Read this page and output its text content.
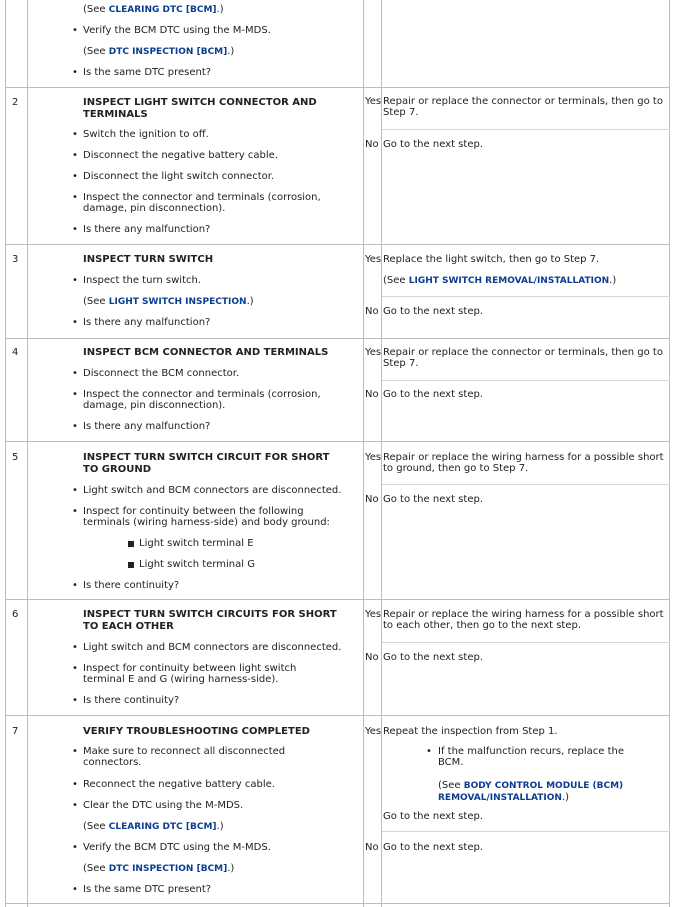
(See CLEARING DTC [BCM].)
• Verify the BCM DTC using the M-MDS.
(See DTC INSPECTION [BCM].)
• Is the same DTC present?
2	INSPECT LIGHT SWITCH CONNECTOR AND TERMINALS
• Switch the ignition to off.
• Disconnect the negative battery cable.
• Disconnect the light switch connector.
• Inspect the connector and terminals (corrosion, damage, pin disconnection).
• Is there any malfunction?
Yes Repair or replace the connector or terminals, then go to Step 7.
No Go to the next step.
3	INSPECT TURN SWITCH
• Inspect the turn switch.
(See LIGHT SWITCH INSPECTION.)
• Is there any malfunction?
Yes Replace the light switch, then go to Step 7.
(See LIGHT SWITCH REMOVAL/INSTALLATION.)
No Go to the next step.
4	INSPECT BCM CONNECTOR AND TERMINALS
• Disconnect the BCM connector.
• Inspect the connector and terminals (corrosion, damage, pin disconnection).
• Is there any malfunction?
Yes Repair or replace the connector or terminals, then go to Step 7.
No Go to the next step.
5	INSPECT TURN SWITCH CIRCUIT FOR SHORT TO GROUND
• Light switch and BCM connectors are disconnected.
• Inspect for continuity between the following terminals (wiring harness-side) and body ground:
Light switch terminal E
Light switch terminal G
• Is there continuity?
Yes Repair or replace the wiring harness for a possible short to ground, then go to Step 7.
No Go to the next step.
6	INSPECT TURN SWITCH CIRCUITS FOR SHORT TO EACH OTHER
• Light switch and BCM connectors are disconnected.
• Inspect for continuity between light switch terminal E and G (wiring harness-side).
• Is there continuity?
Yes Repair or replace the wiring harness for a possible short to each other, then go to the next step.
No Go to the next step.
7	VERIFY TROUBLESHOOTING COMPLETED
• Make sure to reconnect all disconnected connectors.
• Reconnect the negative battery cable.
• Clear the DTC using the M-MDS.
(See CLEARING DTC [BCM].)
• Verify the BCM DTC using the M-MDS.
(See DTC INSPECTION [BCM].)
• Is the same DTC present?
Yes Repeat the inspection from Step 1.
• If the malfunction recurs, replace the BCM.
(See BODY CONTROL MODULE (BCM)
REMOVAL/INSTALLATION.)
Go to the next step.
No Go to the next step.
